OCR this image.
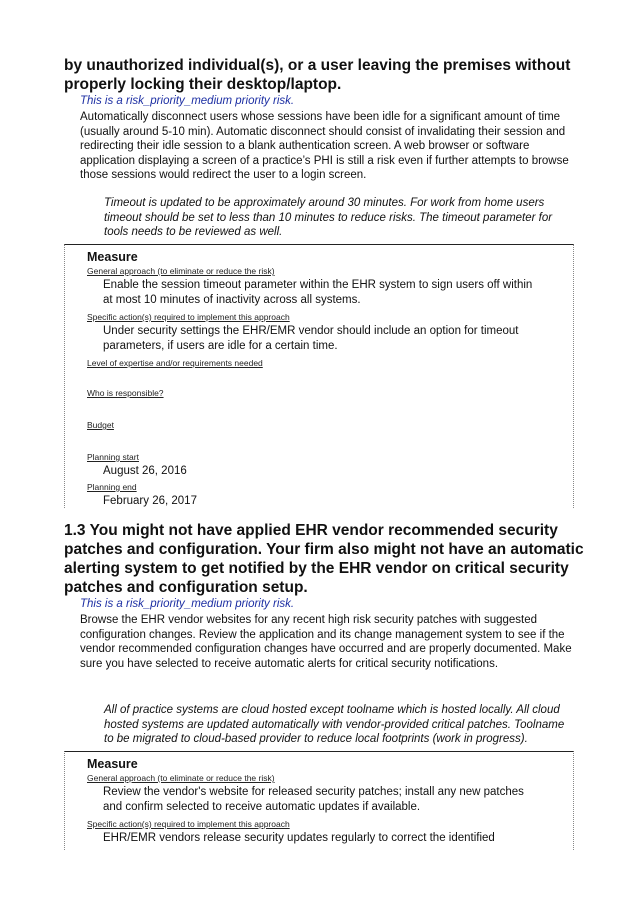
by unauthorized individual(s), or a user leaving the premises without properly locking their desktop/laptop.

This is a risk_priority_medium priority risk.

Automatically disconnect users whose sessions have been idle for a significant amount of time (usually around 5-10 min). Automatic disconnect should consist of invalidating their session and redirecting their idle session to a blank authentication screen. A web browser or software application displaying a screen of a practice’s PHI is still a risk even if further attempts to browse those sessions would redirect the user to a login screen.

Timeout is updated to be approximately around 30 minutes. For work from home users timeout should be set to less than 10 minutes to reduce risks. The timeout parameter for tools needs to be reviewed as well.

Measure

General approach (to eliminate or reduce the risk)

Enable the session timeout parameter within the EHR system to sign users off within at most 10 minutes of inactivity across all systems.

Specific action(s) required to implement this approach

Under security settings the EHR/EMR vendor should include an option for timeout parameters, if users are idle for a certain time.

Level of expertise and/or requirements needed

Who is responsible?

Budget

Planning start

August 26, 2016

Planning end

February 26, 2017

1.3 You might not have applied EHR vendor recommended security patches and configuration. Your firm also might not have an automatic alerting system to get notified by the EHR vendor on critical security patches and configuration setup.

This is a risk_priority_medium priority risk.

Browse the EHR vendor websites for any recent high risk security patches with suggested configuration changes. Review the application and its change management system to see if the vendor recommended configuration changes have occurred and are properly documented. Make sure you have selected to receive automatic alerts for critical security notifications.

All of practice systems are cloud hosted except toolname which is hosted locally. All cloud hosted systems are updated automatically with vendor-provided critical patches. Toolname to be migrated to cloud-based provider to reduce local footprints (work in progress).

Measure

General approach (to eliminate or reduce the risk)

Review the vendor's website for released security patches; install any new patches and confirm selected to receive automatic updates if available.

Specific action(s) required to implement this approach

EHR/EMR vendors release security updates regularly to correct the identified
